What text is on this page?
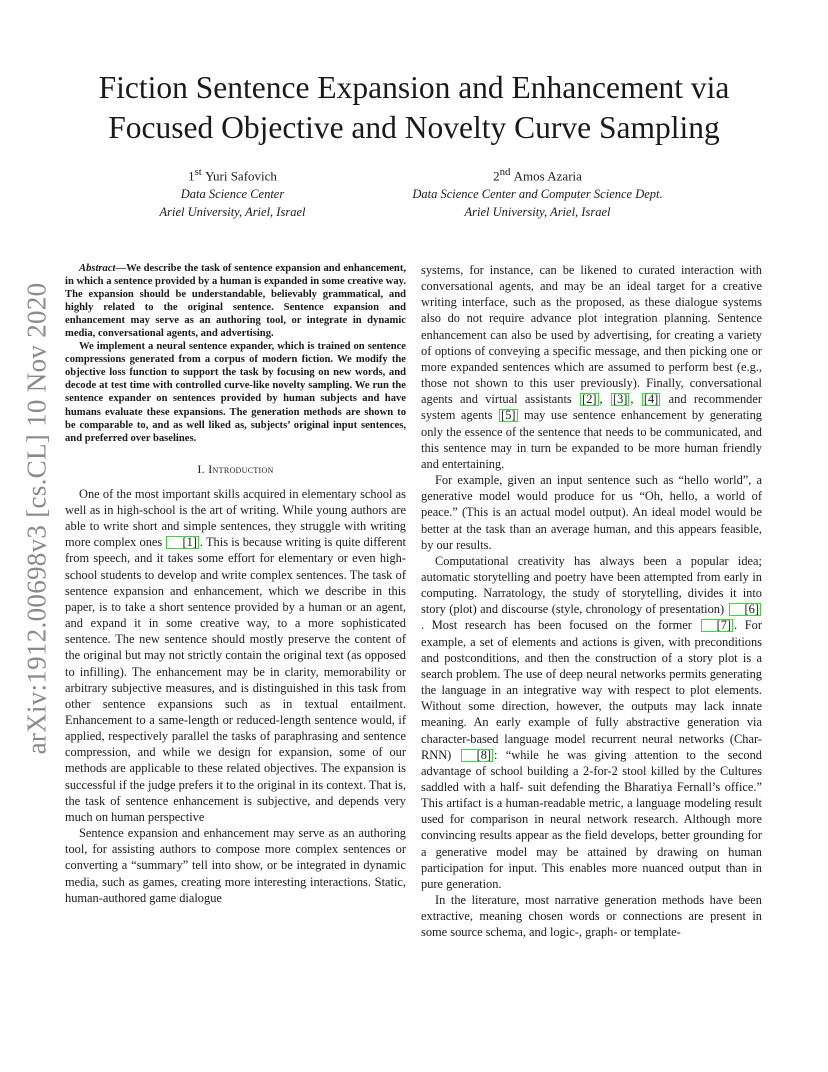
arXiv:1912.00698v3 [cs.CL] 10 Nov 2020
Fiction Sentence Expansion and Enhancement via
Focused Objective and Novelty Curve Sampling
1st Yuri Safovich
Data Science Center
Ariel University, Ariel, Israel
2nd Amos Azaria
Data Science Center and Computer Science Dept.
Ariel University, Ariel, Israel

Abstract—We describe the task of sentence expansion and enhancement, in which a sentence provided by a human is expanded in some creative way. The expansion should be understandable, believably grammatical, and highly related to the original sentence. Sentence expansion and enhancement may serve as an authoring tool, or integrate in dynamic media, conversational agents, and advertising.

We implement a neural sentence expander, which is trained on sentence compressions generated from a corpus of modern fiction. We modify the objective loss function to support the task by focusing on new words, and decode at test time with controlled curve-like novelty sampling. We run the sentence expander on sentences provided by human subjects and have humans evaluate these expansions. The generation methods are shown to be comparable to, and as well liked as, subjects’ original input sentences, and preferred over baselines.

I. Introduction

One of the most important skills acquired in elementary school as well as in high-school is the art of writing. While young authors are able to write short and simple sentences, they struggle with writing more complex ones [1] . This is because writing is quite different from speech, and it takes some effort for elementary or even high-school students to develop and write complex sentences. The task of sentence expansion and enhancement, which we describe in this paper, is to take a short sentence provided by a human or an agent, and expand it in some creative way, to a more sophisticated sentence. The new sentence should mostly preserve the content of the original but may not strictly contain the original text (as opposed to infilling). The enhancement may be in clarity, memorability or arbitrary subjective measures, and is distinguished in this task from other sentence expansions such as in textual entailment. Enhancement to a same-length or reduced-length sentence would, if applied, respectively parallel the tasks of paraphrasing and sentence compression, and while we design for expansion, some of our methods are applicable to these related objectives. The expansion is successful if the judge prefers it to the original in its context. That is, the task of sentence enhancement is subjective, and depends very much on human perspective

Sentence expansion and enhancement may serve as an authoring tool, for assisting authors to compose more complex sentences or converting a “summary” tell into show, or be integrated in dynamic media, such as games, creating more interesting interactions. Static, human-authored game dialogue

systems, for instance, can be likened to curated interaction with conversational agents, and may be an ideal target for a creative writing interface, such as the proposed, as these dialogue systems also do not require advance plot integration planning. Sentence enhancement can also be used by advertising, for creating a variety of options of conveying a specific message, and then picking one or more expanded sentences which are assumed to perform best (e.g., those not shown to this user previously). Finally, conversational agents and virtual assistants [2] , [3] , [4] and recommender system agents [5] may use sentence enhancement by generating only the essence of the sentence that needs to be communicated, and this sentence may in turn be expanded to be more human friendly and entertaining.

For example, given an input sentence such as “hello world”, a generative model would produce for us “Oh, hello, a world of peace.” (This is an actual model output). An ideal model would be better at the task than an average human, and this appears feasible, by our results.

Computational creativity has always been a popular idea; automatic storytelling and poetry have been attempted from early in computing. Narratology, the study of storytelling, divides it into story (plot) and discourse (style, chronology of presentation) [6]. Most research has been focused on the former [7] . For example, a set of elements and actions is given, with preconditions and postconditions, and then the construction of a story plot is a search problem. The use of deep neural networks permits generating the language in an integrative way with respect to plot elements. Without some direction, however, the outputs may lack innate meaning. An early example of fully abstractive generation via character-based language model recurrent neural networks (Char-RNN) [8] : “while he was giving attention to the second advantage of school building a 2-for-2 stool killed by the Cultures saddled with a half- suit defending the Bharatiya Fernall’s office.” This artifact is a human-readable metric, a language modeling result used for comparison in neural network research. Although more convincing results appear as the field develops, better grounding for a generative model may be attained by drawing on human participation for input. This enables more nuanced output than in pure generation.

In the literature, most narrative generation methods have been extractive, meaning chosen words or connections are present in some source schema, and logic-, graph- or template-
